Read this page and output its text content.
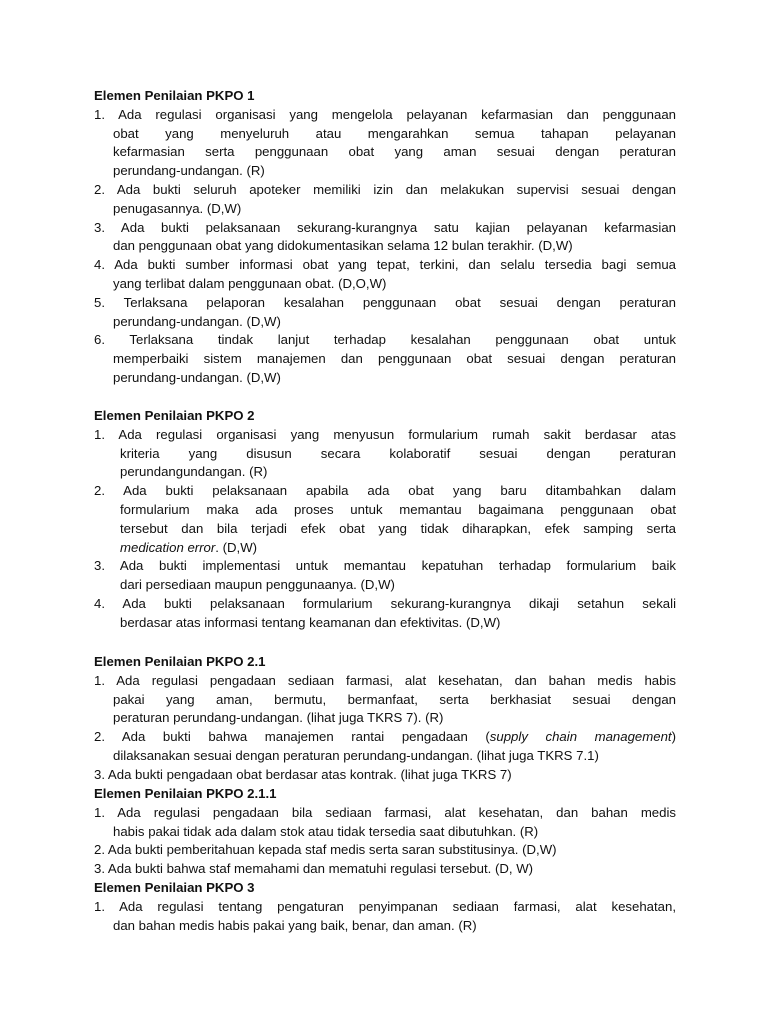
Elemen Penilaian PKPO 1
1. Ada regulasi organisasi yang mengelola pelayanan kefarmasian dan penggunaan
obat yang menyeluruh atau mengarahkan semua tahapan pelayanan
kefarmasian serta penggunaan obat yang aman sesuai dengan peraturan
perundang-undangan. (R)
2. Ada bukti seluruh apoteker memiliki izin dan melakukan supervisi sesuai dengan
penugasannya. (D,W)
3. Ada bukti pelaksanaan sekurang-kurangnya satu kajian pelayanan kefarmasian
dan penggunaan obat yang didokumentasikan selama 12 bulan terakhir. (D,W)
4. Ada bukti sumber informasi obat yang tepat, terkini, dan selalu tersedia bagi semua
yang terlibat dalam penggunaan obat. (D,O,W)
5. Terlaksana pelaporan kesalahan penggunaan obat sesuai dengan peraturan
perundang-undangan. (D,W)
6. Terlaksana tindak lanjut terhadap kesalahan penggunaan obat untuk
memperbaiki sistem manajemen dan penggunaan obat sesuai dengan peraturan
perundang-undangan. (D,W)
Elemen Penilaian PKPO 2
1. Ada regulasi organisasi yang menyusun formularium rumah sakit berdasar atas
kriteria yang disusun secara kolaboratif sesuai dengan peraturan
perundangundangan. (R)
2. Ada bukti pelaksanaan apabila ada obat yang baru ditambahkan dalam
formularium maka ada proses untuk memantau bagaimana penggunaan obat
tersebut dan bila terjadi efek obat yang tidak diharapkan, efek samping serta
medication error. (D,W)
3. Ada bukti implementasi untuk memantau kepatuhan terhadap formularium baik
dari persediaan maupun penggunaanya. (D,W)
4. Ada bukti pelaksanaan formularium sekurang-kurangnya dikaji setahun sekali
berdasar atas informasi tentang keamanan dan efektivitas. (D,W)
Elemen Penilaian PKPO 2.1
1. Ada regulasi pengadaan sediaan farmasi, alat kesehatan, dan bahan medis habis
pakai yang aman, bermutu, bermanfaat, serta berkhasiat sesuai dengan
peraturan perundang-undangan. (lihat juga TKRS 7). (R)
2. Ada bukti bahwa manajemen rantai pengadaan (supply chain management)
dilaksanakan sesuai dengan peraturan perundang-undangan. (lihat juga TKRS 7.1)
3. Ada bukti pengadaan obat berdasar atas kontrak. (lihat juga TKRS 7)
Elemen Penilaian PKPO 2.1.1
1. Ada regulasi pengadaan bila sediaan farmasi, alat kesehatan, dan bahan medis
habis pakai tidak ada dalam stok atau tidak tersedia saat dibutuhkan. (R)
2. Ada bukti pemberitahuan kepada staf medis serta saran substitusinya. (D,W)
3. Ada bukti bahwa staf memahami dan mematuhi regulasi tersebut. (D, W)
Elemen Penilaian PKPO 3
1. Ada regulasi tentang pengaturan penyimpanan sediaan farmasi, alat kesehatan,
dan bahan medis habis pakai yang baik, benar, dan aman. (R)
